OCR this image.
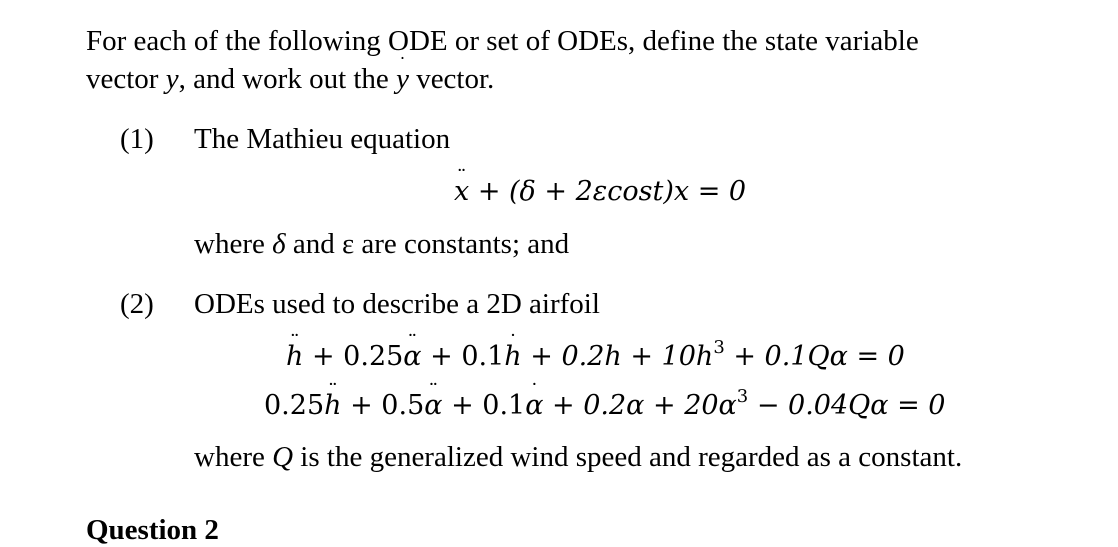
For each of the following ODE or set of ODEs, define the state variable
vector y, and work out the y ˙ vector.
(1) The Mathieu equation
x ¨ + (δ + 2εcost)x = 0
where δ and ε are constants; and
(2) ODEs used to describe a 2D airfoil
h ¨ + 0.25α ¨ + 0.1h ˙ + $0.2h + 10h^3 + 0.1Q\alpha = 0$
0.25h ¨ + 0.5α ¨ + 0.1α ˙ + $0.2\alpha + 20\alpha^3 - 0.04Q\alpha = 0$
where Q is the generalized wind speed and regarded as a constant.
Question 2
